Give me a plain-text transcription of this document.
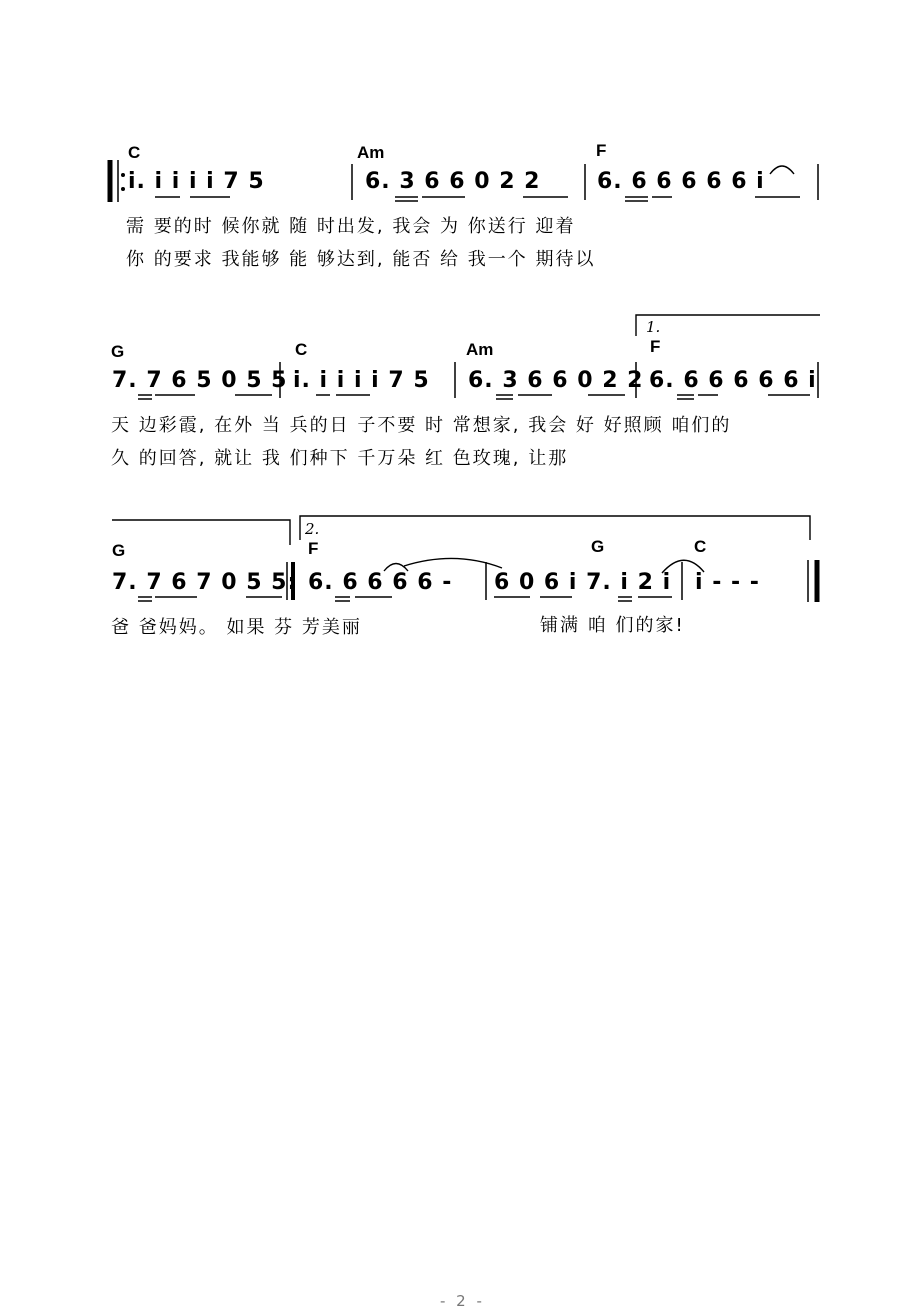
C	Am	F
i. i i i i 7 5	6. 3 6 6 0 2 2	6. 6 6 6 6 6 i
需 要的时 候你就 随 时出发, 我会 为 你送行 迎着
你 的要求 我能够 能 够达到, 能否 给 我一个 期待以
1.
G	C	Am	F
7. 7 6 5 0 5 5 i. i i i i 7 5 6. 3 6 6 0 2 2 6. 6 6 6 6 6 i
天 边彩霞, 在外 当 兵的日 子不要 时 常想家, 我会 好 好照顾 咱们的
久 的回答, 就让 我 们种下 千万朵 红 色玫瑰, 让那
2.
G	F	G	C
7. 7 6 7 0 5 5: 6. 6 6 6 6 - 6 0 6 i 7. i 2 i i - - -
爸 爸妈妈。 如果 芬 芳美丽	铺满 咱 们的家!
- 2 -
